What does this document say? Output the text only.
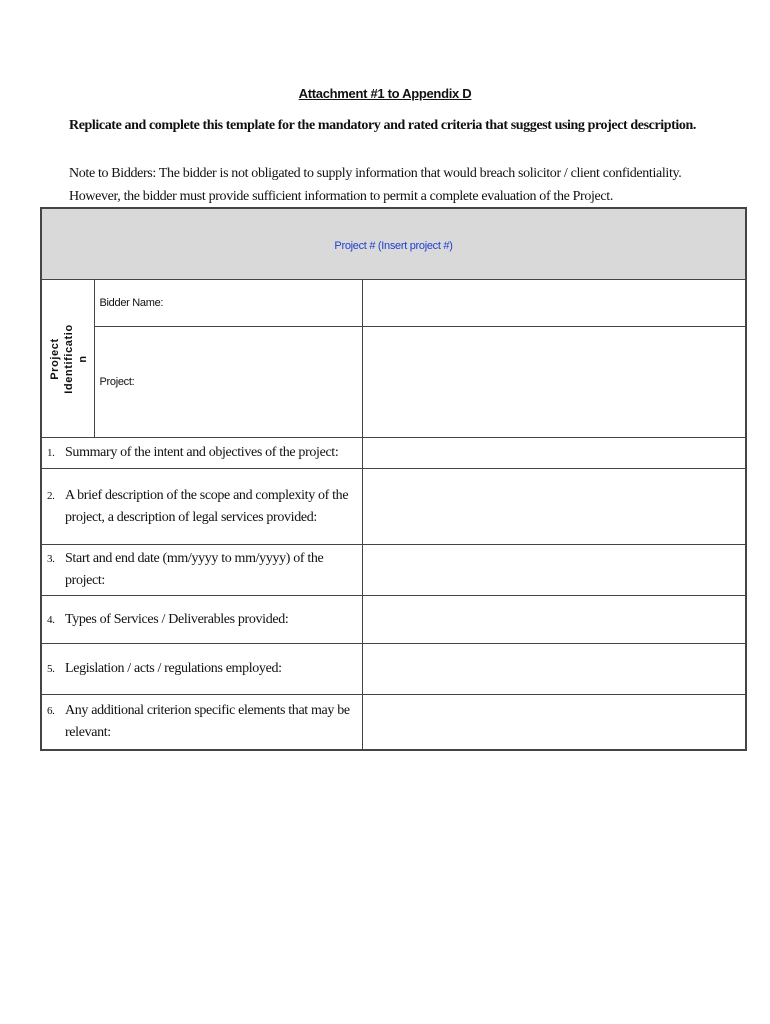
Attachment #1 to Appendix D
Replicate and complete this template for the mandatory and rated criteria that suggest using project description.
Note to Bidders: The bidder is not obligated to supply information that would breach solicitor / client confidentiality. However, the bidder must provide sufficient information to permit a complete evaluation of the Project.
Project # (Insert project #)		

Project Identificatio n	Bidder Name:	
	Project:	

1. Summary of the intent and objectives of the project:		

2. A brief description of the scope and complexity of the project, a description of legal services provided:		

3. Start and end date (mm/yyyy to mm/yyyy) of the project:		

4. Types of Services / Deliverables provided:		

5. Legislation / acts / regulations employed:		

6. Any additional criterion specific elements that may be relevant:		
